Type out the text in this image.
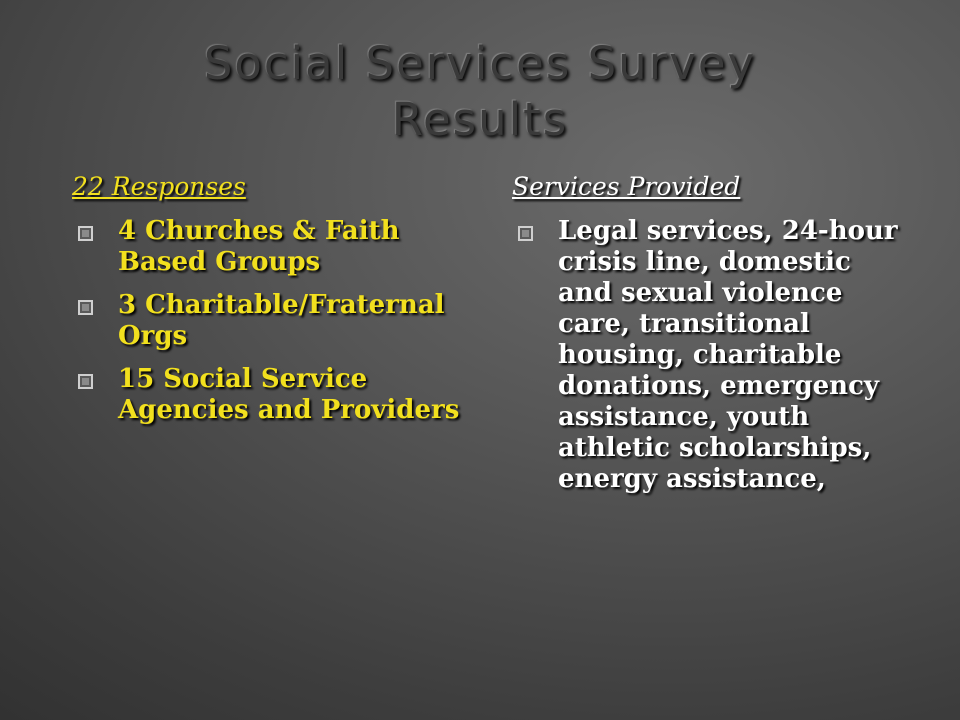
Social Services Survey
Results
22 Responses
4 Churches & Faith Based Groups
3 Charitable/Fraternal Orgs
15 Social Service Agencies and Providers
Services Provided
Legal services, 24-hour crisis line, domestic and sexual violence care, transitional housing, charitable donations, emergency assistance, youth athletic scholarships, energy assistance,
